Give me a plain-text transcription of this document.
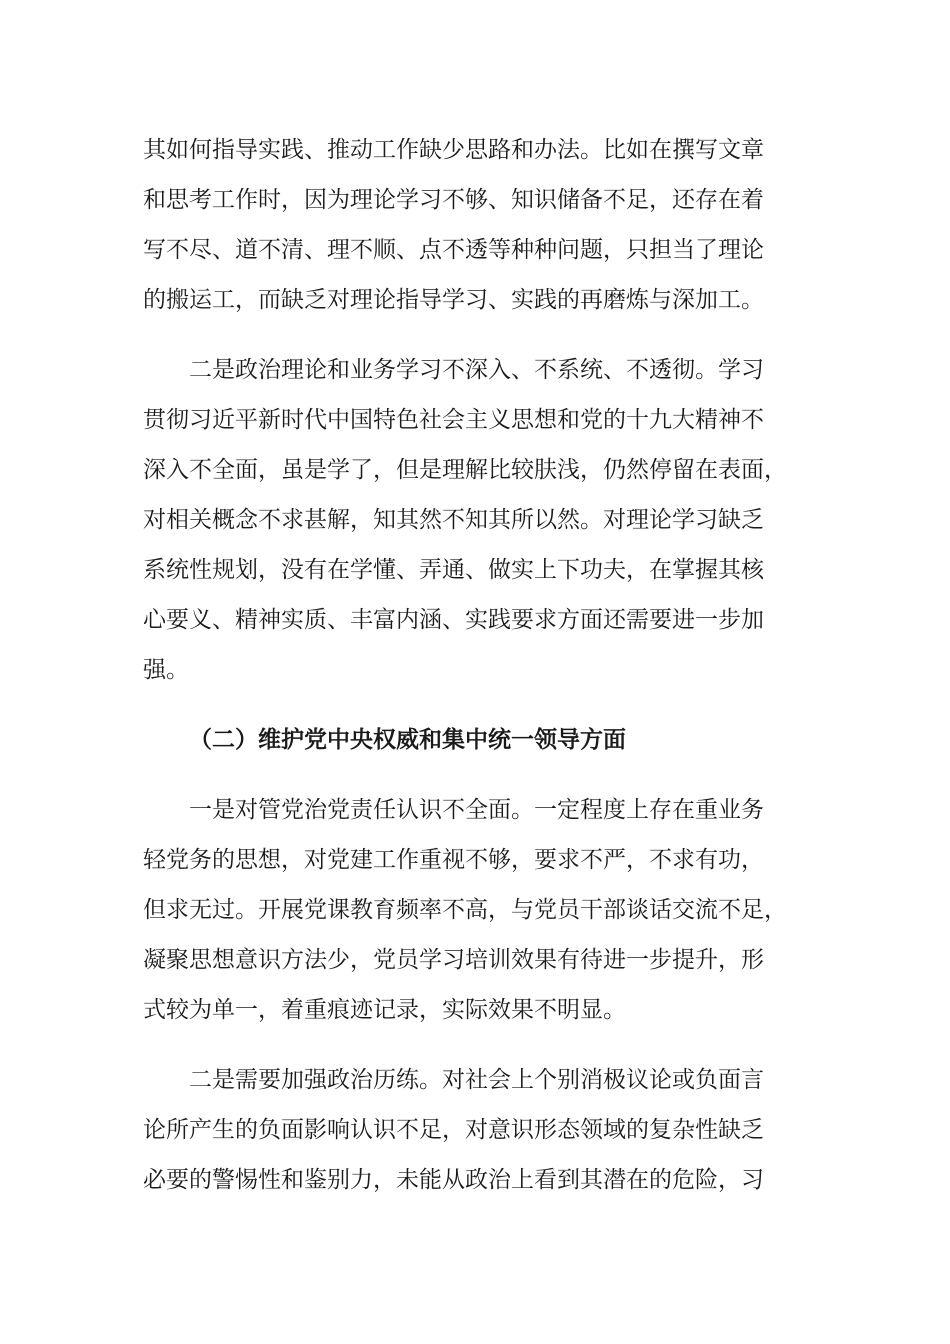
其如何指导实践、推动工作缺少思路和办法。比如在撰写文章
和思考工作时，因为理论学习不够、知识储备不足，还存在着
写不尽、道不清、理不顺、点不透等种种问题，只担当了理论
的搬运工，而缺乏对理论指导学习、实践的再磨炼与深加工。
二是政治理论和业务学习不深入、不系统、不透彻。学习
贯彻习近平新时代中国特色社会主义思想和党的十九大精神不
深入不全面，虽是学了，但是理解比较肤浅，仍然停留在表面，
对相关概念不求甚解，知其然不知其所以然。对理论学习缺乏
系统性规划，没有在学懂、弄通、做实上下功夫，在掌握其核
心要义、精神实质、丰富内涵、实践要求方面还需要进一步加
强。
（二）维护党中央权威和集中统一领导方面
一是对管党治党责任认识不全面。一定程度上存在重业务
轻党务的思想，对党建工作重视不够，要求不严，不求有功，
但求无过。开展党课教育频率不高，与党员干部谈话交流不足，
凝聚思想意识方法少，党员学习培训效果有待进一步提升，形
式较为单一，着重痕迹记录，实际效果不明显。
二是需要加强政治历练。对社会上个别消极议论或负面言
论所产生的负面影响认识不足，对意识形态领域的复杂性缺乏
必要的警惕性和鉴别力，未能从政治上看到其潜在的危险，习
